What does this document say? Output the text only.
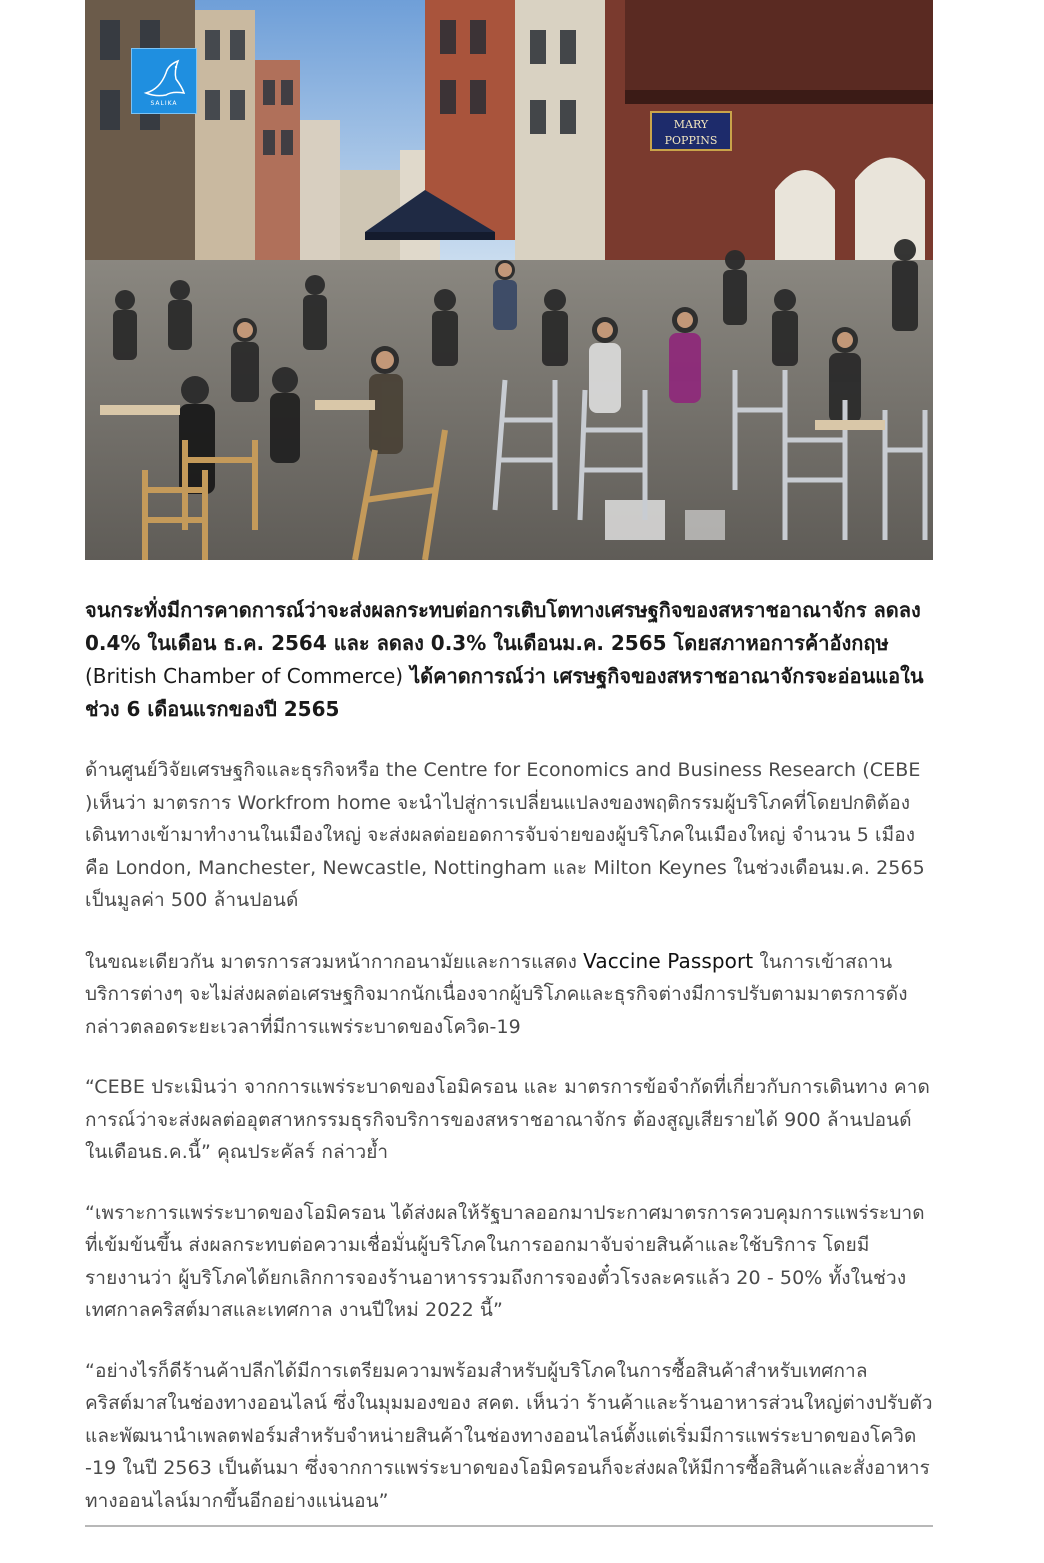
MARY
POPPINS
SALIKA

จนกระทั่งมีการคาดการณ์ว่าจะส่งผลกระทบต่อการเติบโตทางเศรษฐกิจของสหราชอาณาจักร ลดลง 0.4% ในเดือน ธ.ค. 2564 และ ลดลง 0.3% ในเดือนม.ค. 2565 โดยสภาหอการค้าอังกฤษ (British Chamber of Commerce) ได้คาดการณ์ว่า เศรษฐกิจของสหราชอาณาจักรจะอ่อนแอในช่วง 6 เดือนแรกของปี 2565

ด้านศูนย์วิจัยเศรษฐกิจและธุรกิจหรือ the Centre for Economics and Business Research (CEBE )เห็นว่า มาตรการ Workfrom home จะนำไปสู่การเปลี่ยนแปลงของพฤติกรรมผู้บริโภคที่โดยปกติต้องเดินทางเข้ามาทำงานในเมืองใหญ่ จะส่งผลต่อยอดการจับจ่ายของผู้บริโภคในเมืองใหญ่ จำนวน 5 เมือง คือ London, Manchester, Newcastle, Nottingham และ Milton Keynes ในช่วงเดือนม.ค. 2565 เป็นมูลค่า 500 ล้านปอนด์

ในขณะเดียวกัน มาตรการสวมหน้ากากอนามัยและการแสดง Vaccine Passport ในการเข้าสถานบริการต่างๆ จะไม่ส่งผลต่อเศรษฐกิจมากนักเนื่องจากผู้บริโภคและธุรกิจต่างมีการปรับตามมาตรการดังกล่าวตลอดระยะเวลาที่มีการแพร่ระบาดของโควิด-19

“CEBE ประเมินว่า จากการแพร่ระบาดของโอมิครอน และ มาตรการข้อจำกัดที่เกี่ยวกับการเดินทาง คาดการณ์ว่าจะส่งผลต่ออุตสาหกรรมธุรกิจบริการของสหราชอาณาจักร ต้องสูญเสียรายได้ 900 ล้านปอนด์ ในเดือนธ.ค.นี้” คุณประคัลร์ กล่าวย้ำ

“เพราะการแพร่ระบาดของโอมิครอน ได้ส่งผลให้รัฐบาลออกมาประกาศมาตรการควบคุมการแพร่ระบาดที่เข้มข้นขึ้น ส่งผลกระทบต่อความเชื่อมั่นผู้บริโภคในการออกมาจับจ่ายสินค้าและใช้บริการ โดยมีรายงานว่า ผู้บริโภคได้ยกเลิกการจองร้านอาหารรวมถึงการจองตั๋วโรงละครแล้ว 20 - 50% ทั้งในช่วงเทศกาลคริสต์มาสและเทศกาล งานปีใหม่ 2022 นี้”

“อย่างไรก็ดีร้านค้าปลีกได้มีการเตรียมความพร้อมสำหรับผู้บริโภคในการซื้อสินค้าสำหรับเทศกาลคริสต์มาสในช่องทางออนไลน์ ซึ่งในมุมมองของ สคต. เห็นว่า ร้านค้าและร้านอาหารส่วนใหญ่ต่างปรับตัวและพัฒนานำเพลตฟอร์มสำหรับจำหน่ายสินค้าในช่องทางออนไลน์ตั้งแต่เริ่มมีการแพร่ระบาดของโควิด -19 ในปี 2563 เป็นต้นมา ซึ่งจากการแพร่ระบาดของโอมิครอนก็จะส่งผลให้มีการซื้อสินค้าและสั่งอาหารทางออนไลน์มากขึ้นอีกอย่างแน่นอน”
